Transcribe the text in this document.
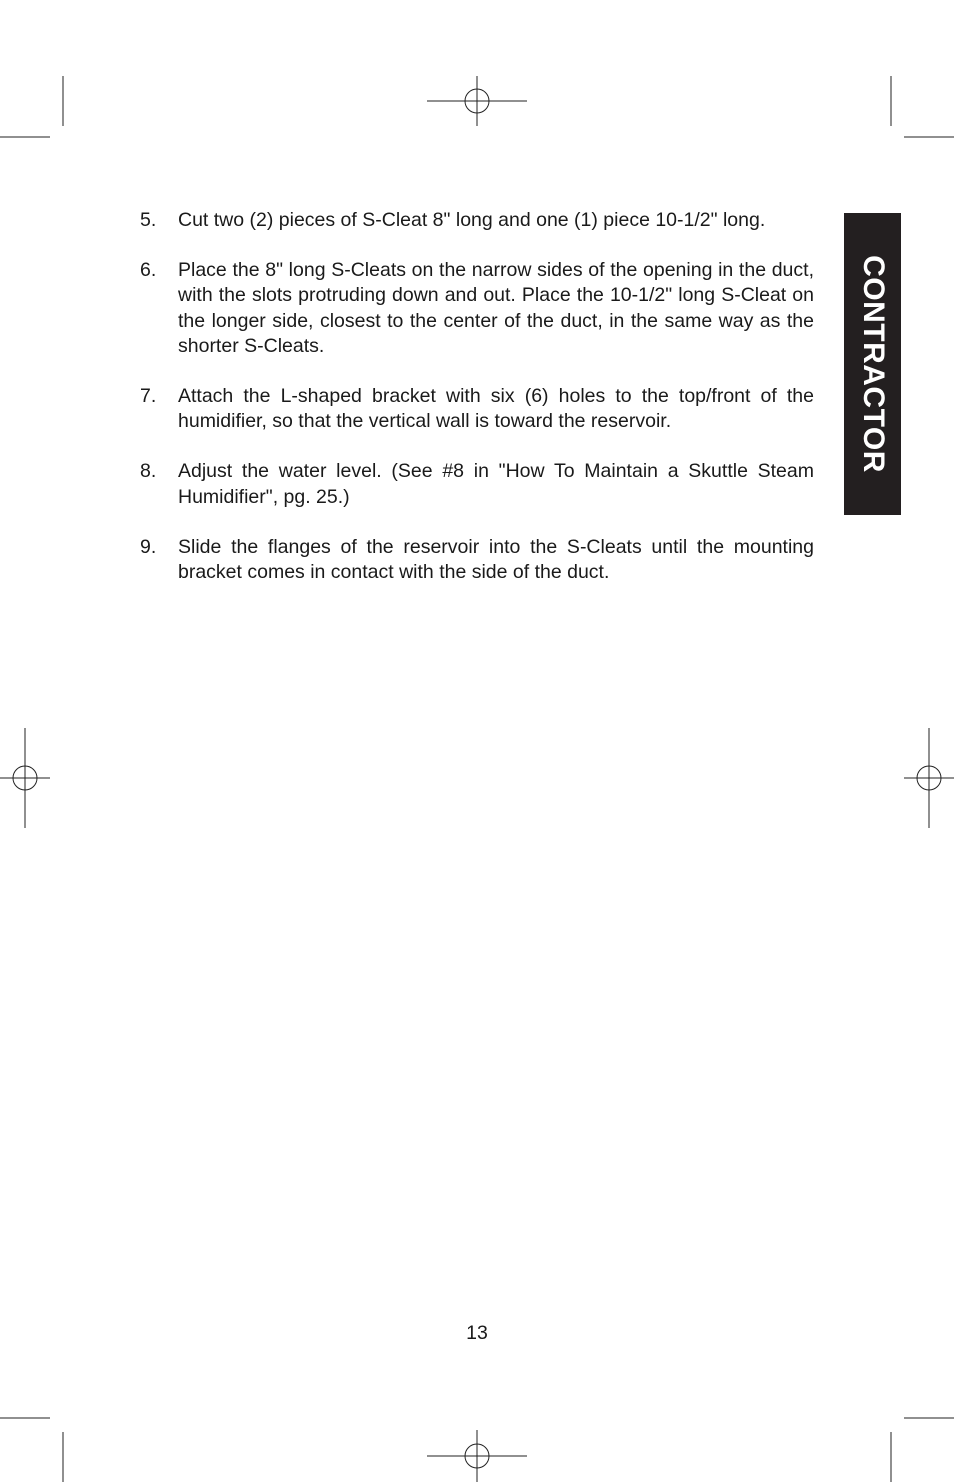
5.	Cut two (2) pieces of S-Cleat 8" long and one (1) piece 10-1/2" long.
6.	Place the 8" long S-Cleats on the narrow sides of the opening in the duct, with the slots protruding down and out. Place the 10-1/2" long S-Cleat on the longer side, closest to the center of the duct, in the same way as the shorter S-Cleats.
7.	Attach the L-shaped bracket with six (6) holes to the top/front of the humidifier, so that the vertical wall is toward the reservoir.
8.	Adjust the water level. (See #8 in "How To Maintain a Skuttle Steam Humidifier", pg. 25.)
9.	Slide the flanges of the reservoir into the S-Cleats until the mounting bracket comes in contact with the side of the duct.
CONTRACTOR
13
